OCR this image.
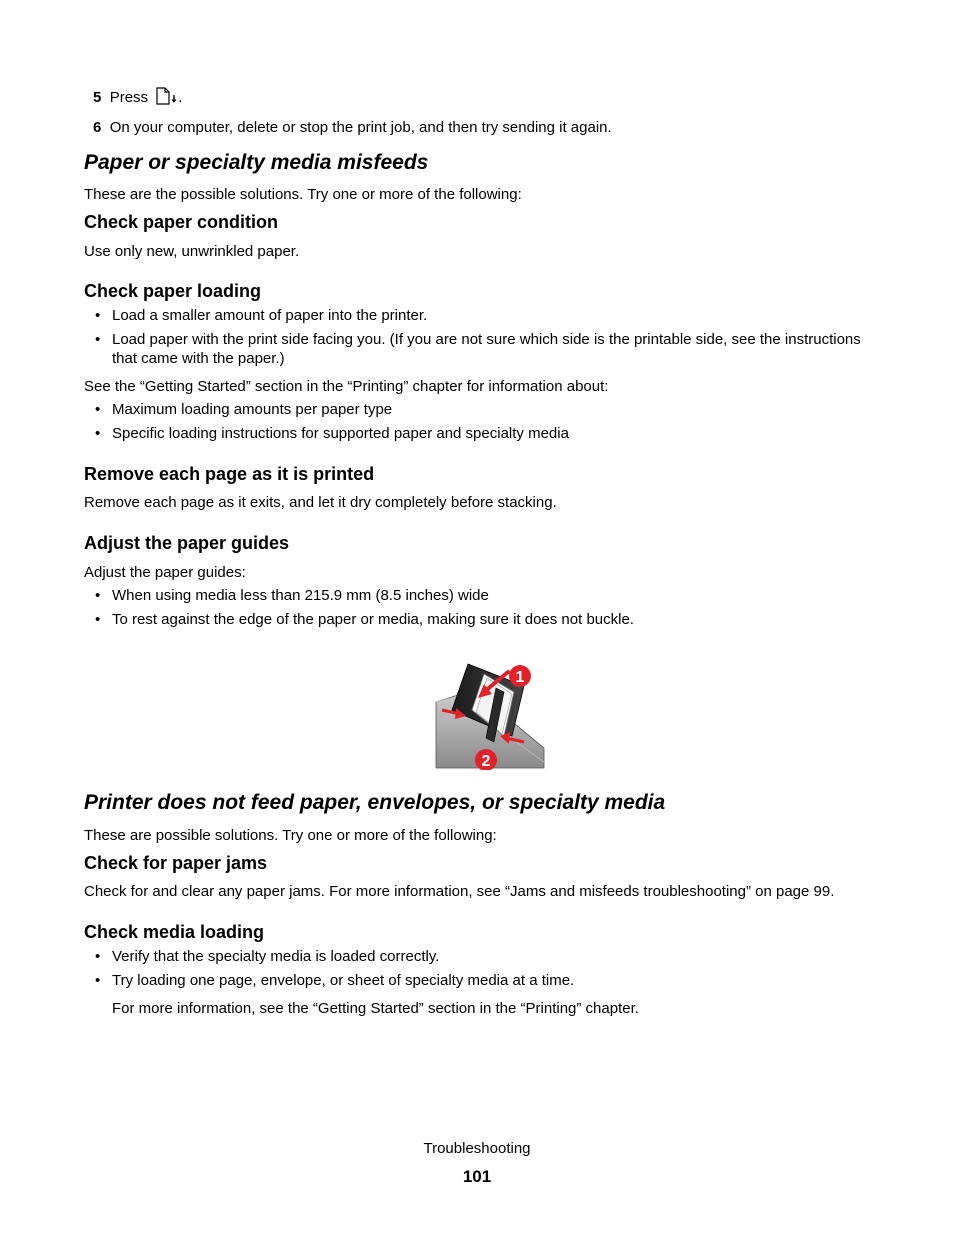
5 Press .
6 On your computer, delete or stop the print job, and then try sending it again.
Paper or specialty media misfeeds
These are the possible solutions. Try one or more of the following:
Check paper condition
Use only new, unwrinkled paper.
Check paper loading
• Load a smaller amount of paper into the printer.
• Load paper with the print side facing you. (If you are not sure which side is the printable side, see the instructions that came with the paper.)
See the “Getting Started” section in the “Printing” chapter for information about:
• Maximum loading amounts per paper type
• Specific loading instructions for supported paper and specialty media
Remove each page as it is printed
Remove each page as it exits, and let it dry completely before stacking.
Adjust the paper guides
Adjust the paper guides:
• When using media less than 215.9 mm (8.5 inches) wide
• To rest against the edge of the paper or media, making sure it does not buckle.
1
2
Printer does not feed paper, envelopes, or specialty media
These are possible solutions. Try one or more of the following:
Check for paper jams
Check for and clear any paper jams. For more information, see “Jams and misfeeds troubleshooting” on page 99.
Check media loading
• Verify that the specialty media is loaded correctly.
• Try loading one page, envelope, or sheet of specialty media at a time.
For more information, see the “Getting Started” section in the “Printing” chapter.
Troubleshooting
101
